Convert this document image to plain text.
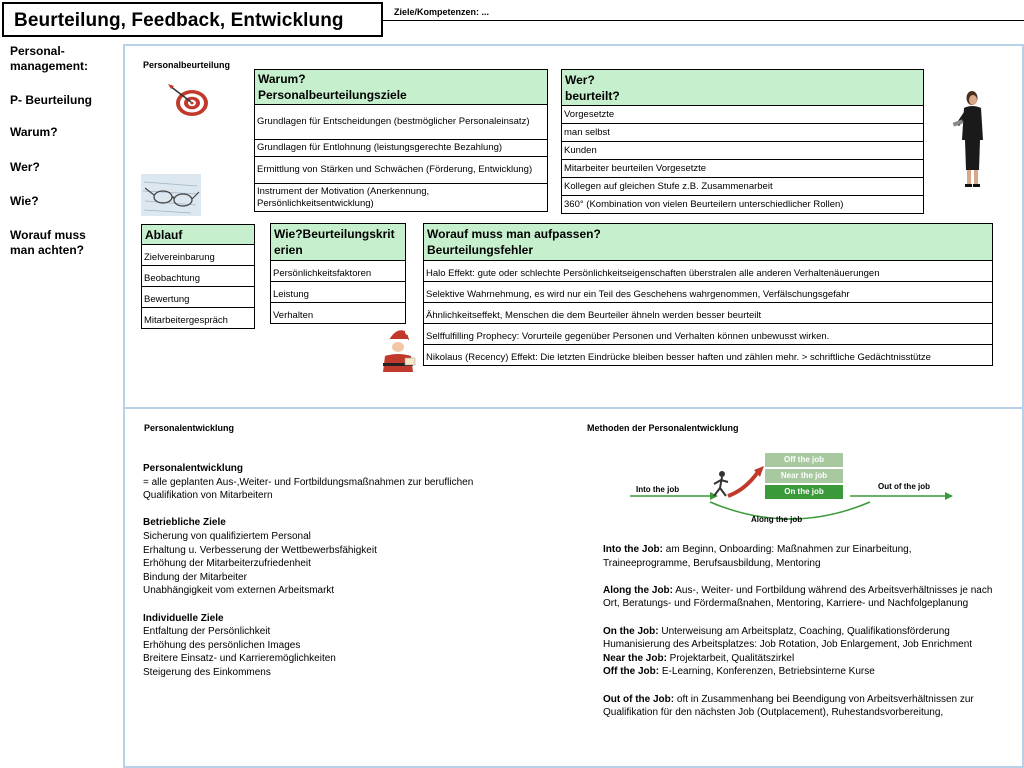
Beurteilung, Feedback, Entwicklung	Ziele/Kompetenzen: ...
Personal-
management:
P- Beurteilung
Warum?
Wer?
Wie?
Worauf muss
man achten?
Personalbeurteilung
Warum?
Personalbeurteilungsziele
Grundlagen für Entscheidungen (bestmöglicher Personaleinsatz)
Grundlagen für Entlohnung (leistungsgerechte Bezahlung)
Ermittlung von Stärken und Schwächen (Förderung, Entwicklung)
Instrument der Motivation (Anerkennung, Persönlichkeitsentwicklung)
Wer?
beurteilt?
Vorgesetzte
man selbst
Kunden
Mitarbeiter beurteilen Vorgesetzte
Kollegen auf gleichen Stufe z.B. Zusammenarbeit
360° (Kombination von vielen Beurteilern unterschiedlicher Rollen)
Ablauf
Zielvereinbarung
Beobachtung
Bewertung
Mitarbeitergespräch
Wie?Beurteilungskrit
erien
Persönlichkeitsfaktoren
Leistung
Verhalten
Worauf muss man aufpassen?
Beurteilungsfehler
Halo Effekt: gute oder schlechte Persönlichkeitseigenschaften überstralen alle anderen Verhaltenäuerungen
Selektive Wahrnehmung, es wird nur ein Teil des Geschehens wahrgenommen, Verfälschungsgefahr
Ähnlichkeitseffekt, Menschen die dem Beurteiler ähneln werden besser beurteilt
Selffulfilling Prophecy: Vorurteile gegenüber Personen und Verhalten können unbewusst wirken.
Nikolaus (Recency) Effekt: Die letzten Eindrücke bleiben besser haften und zählen mehr. > schriftliche Gedächtnisstütze
Personalentwicklung
Personalentwicklung
= alle geplanten Aus-,Weiter- und Fortbildungsmaßnahmen zur beruflichen
Qualifikation von Mitarbeitern

Betriebliche Ziele
Sicherung von qualifiziertem Personal
Erhaltung u. Verbesserung der Wettbewerbsfähigkeit
Erhöhung der Mitarbeiterzufriedenheit
Bindung der Mitarbeiter
Unabhängigkeit vom externen Arbeitsmarkt

Individuelle Ziele
Entfaltung der Persönlichkeit
Erhöhung des persönlichen Images
Breitere Einsatz- und Karrieremöglichkeiten
Steigerung des Einkommens
Methoden der Personalentwicklung
Into the job
Off the job
Near the job
On the job
Out of the job
Along the job
Into the Job: am Beginn, Onboarding: Maßnahmen zur Einarbeitung,
Traineeprogramme, Berufsausbildung, Mentoring

Along the Job: Aus-, Weiter- und Fortbildung während des Arbeitsverhältnisses je nach
Ort, Beratungs- und Fördermaßnahen, Mentoring, Karriere- und Nachfolgeplanung

On the Job: Unterweisung am Arbeitsplatz, Coaching, Qualifikationsförderung
Humanisierung des Arbeitsplatzes: Job Rotation, Job Enlargement, Job Enrichment
Near the Job: Projektarbeit, Qualitätszirkel
Off the Job: E-Learning, Konferenzen, Betriebsinterne Kurse

Out of the Job: oft in Zusammenhang bei Beendigung von Arbeitsverhältnissen zur
Qualifikation für den nächsten Job (Outplacement), Ruhestandsvorbereitung,
